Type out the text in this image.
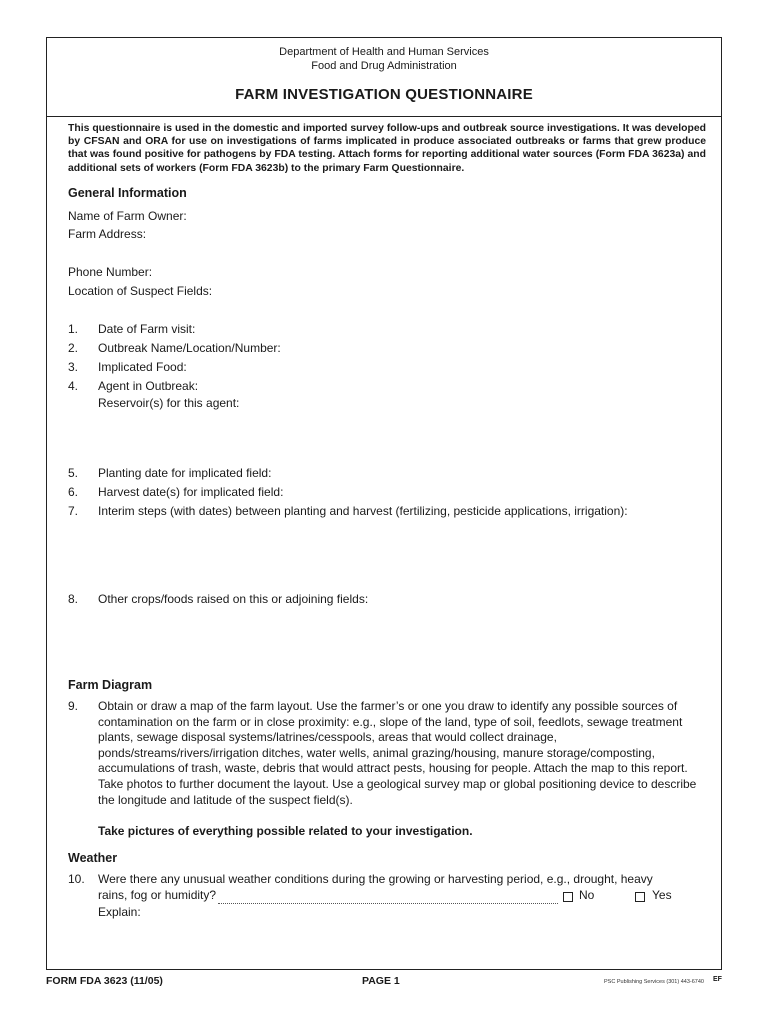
Department of Health and Human Services
Food and Drug Administration
FARM INVESTIGATION QUESTIONNAIRE
This questionnaire is used in the domestic and imported survey follow-ups and outbreak source investigations. It was developed by CFSAN and ORA for use on investigations of farms implicated in produce associated outbreaks or farms that grew produce that was found positive for pathogens by FDA testing. Attach forms for reporting additional water sources (Form FDA 3623a) and additional sets of workers (Form FDA 3623b) to the primary Farm Questionnaire.
General Information
Name of Farm Owner:
Farm Address:
Phone Number:
Location of Suspect Fields:
1. Date of Farm visit:
2. Outbreak Name/Location/Number:
3. Implicated Food:
4. Agent in Outbreak:
Reservoir(s) for this agent:
5. Planting date for implicated field:
6. Harvest date(s) for implicated field:
7. Interim steps (with dates) between planting and harvest (fertilizing, pesticide applications, irrigation):
8. Other crops/foods raised on this or adjoining fields:
Farm Diagram
9. Obtain or draw a map of the farm layout. Use the farmer’s or one you draw to identify any possible sources of contamination on the farm or in close proximity: e.g., slope of the land, type of soil, feedlots, sewage treatment plants, sewage disposal systems/latrines/cesspools, areas that would collect drainage, ponds/streams/rivers/irrigation ditches, water wells, animal grazing/housing, manure storage/composting, accumulations of trash, waste, debris that would attract pests, housing for people. Attach the map to this report. Take photos to further document the layout. Use a geological survey map or global positioning device to describe the longitude and latitude of the suspect field(s).
Take pictures of everything possible related to your investigation.
Weather
10. Were there any unusual weather conditions during the growing or harvesting period, e.g., drought, heavy
rains, fog or humidity?	No	Yes
Explain:
FORM FDA 3623 (11/05)	PAGE 1	PSC Publishing Services (301) 443-6740 EF
